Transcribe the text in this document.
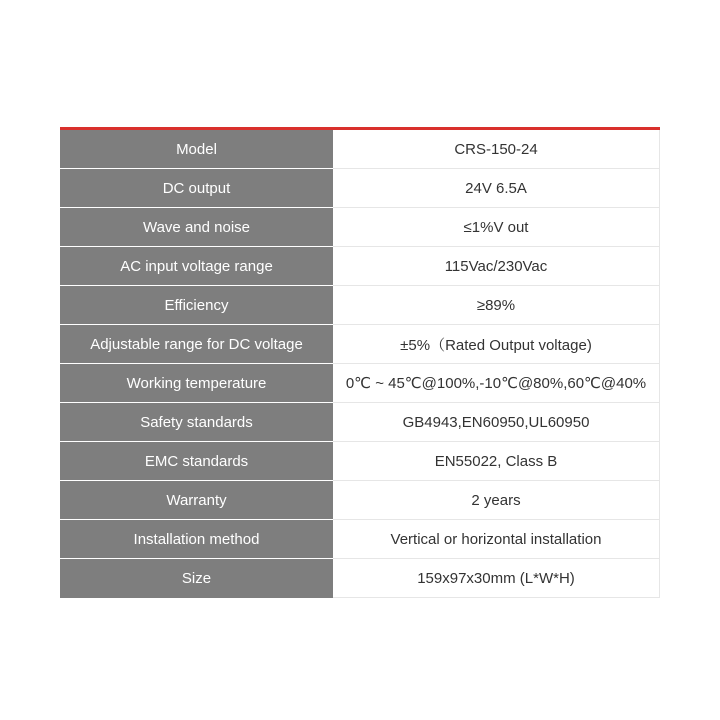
Model	CRS-150-24
DC output	24V 6.5A
Wave and noise	≤1%V out
AC input voltage range	115Vac/230Vac
Efficiency	≥89%
Adjustable range for DC voltage	±5%（Rated Output voltage)
Working temperature	0℃ ~ 45℃@100%,-10℃@80%,60℃@40%
Safety standards	GB4943,EN60950,UL60950
EMC standards	EN55022, Class B
Warranty	2 years
Installation method	Vertical or horizontal installation
Size	159x97x30mm (L*W*H)
